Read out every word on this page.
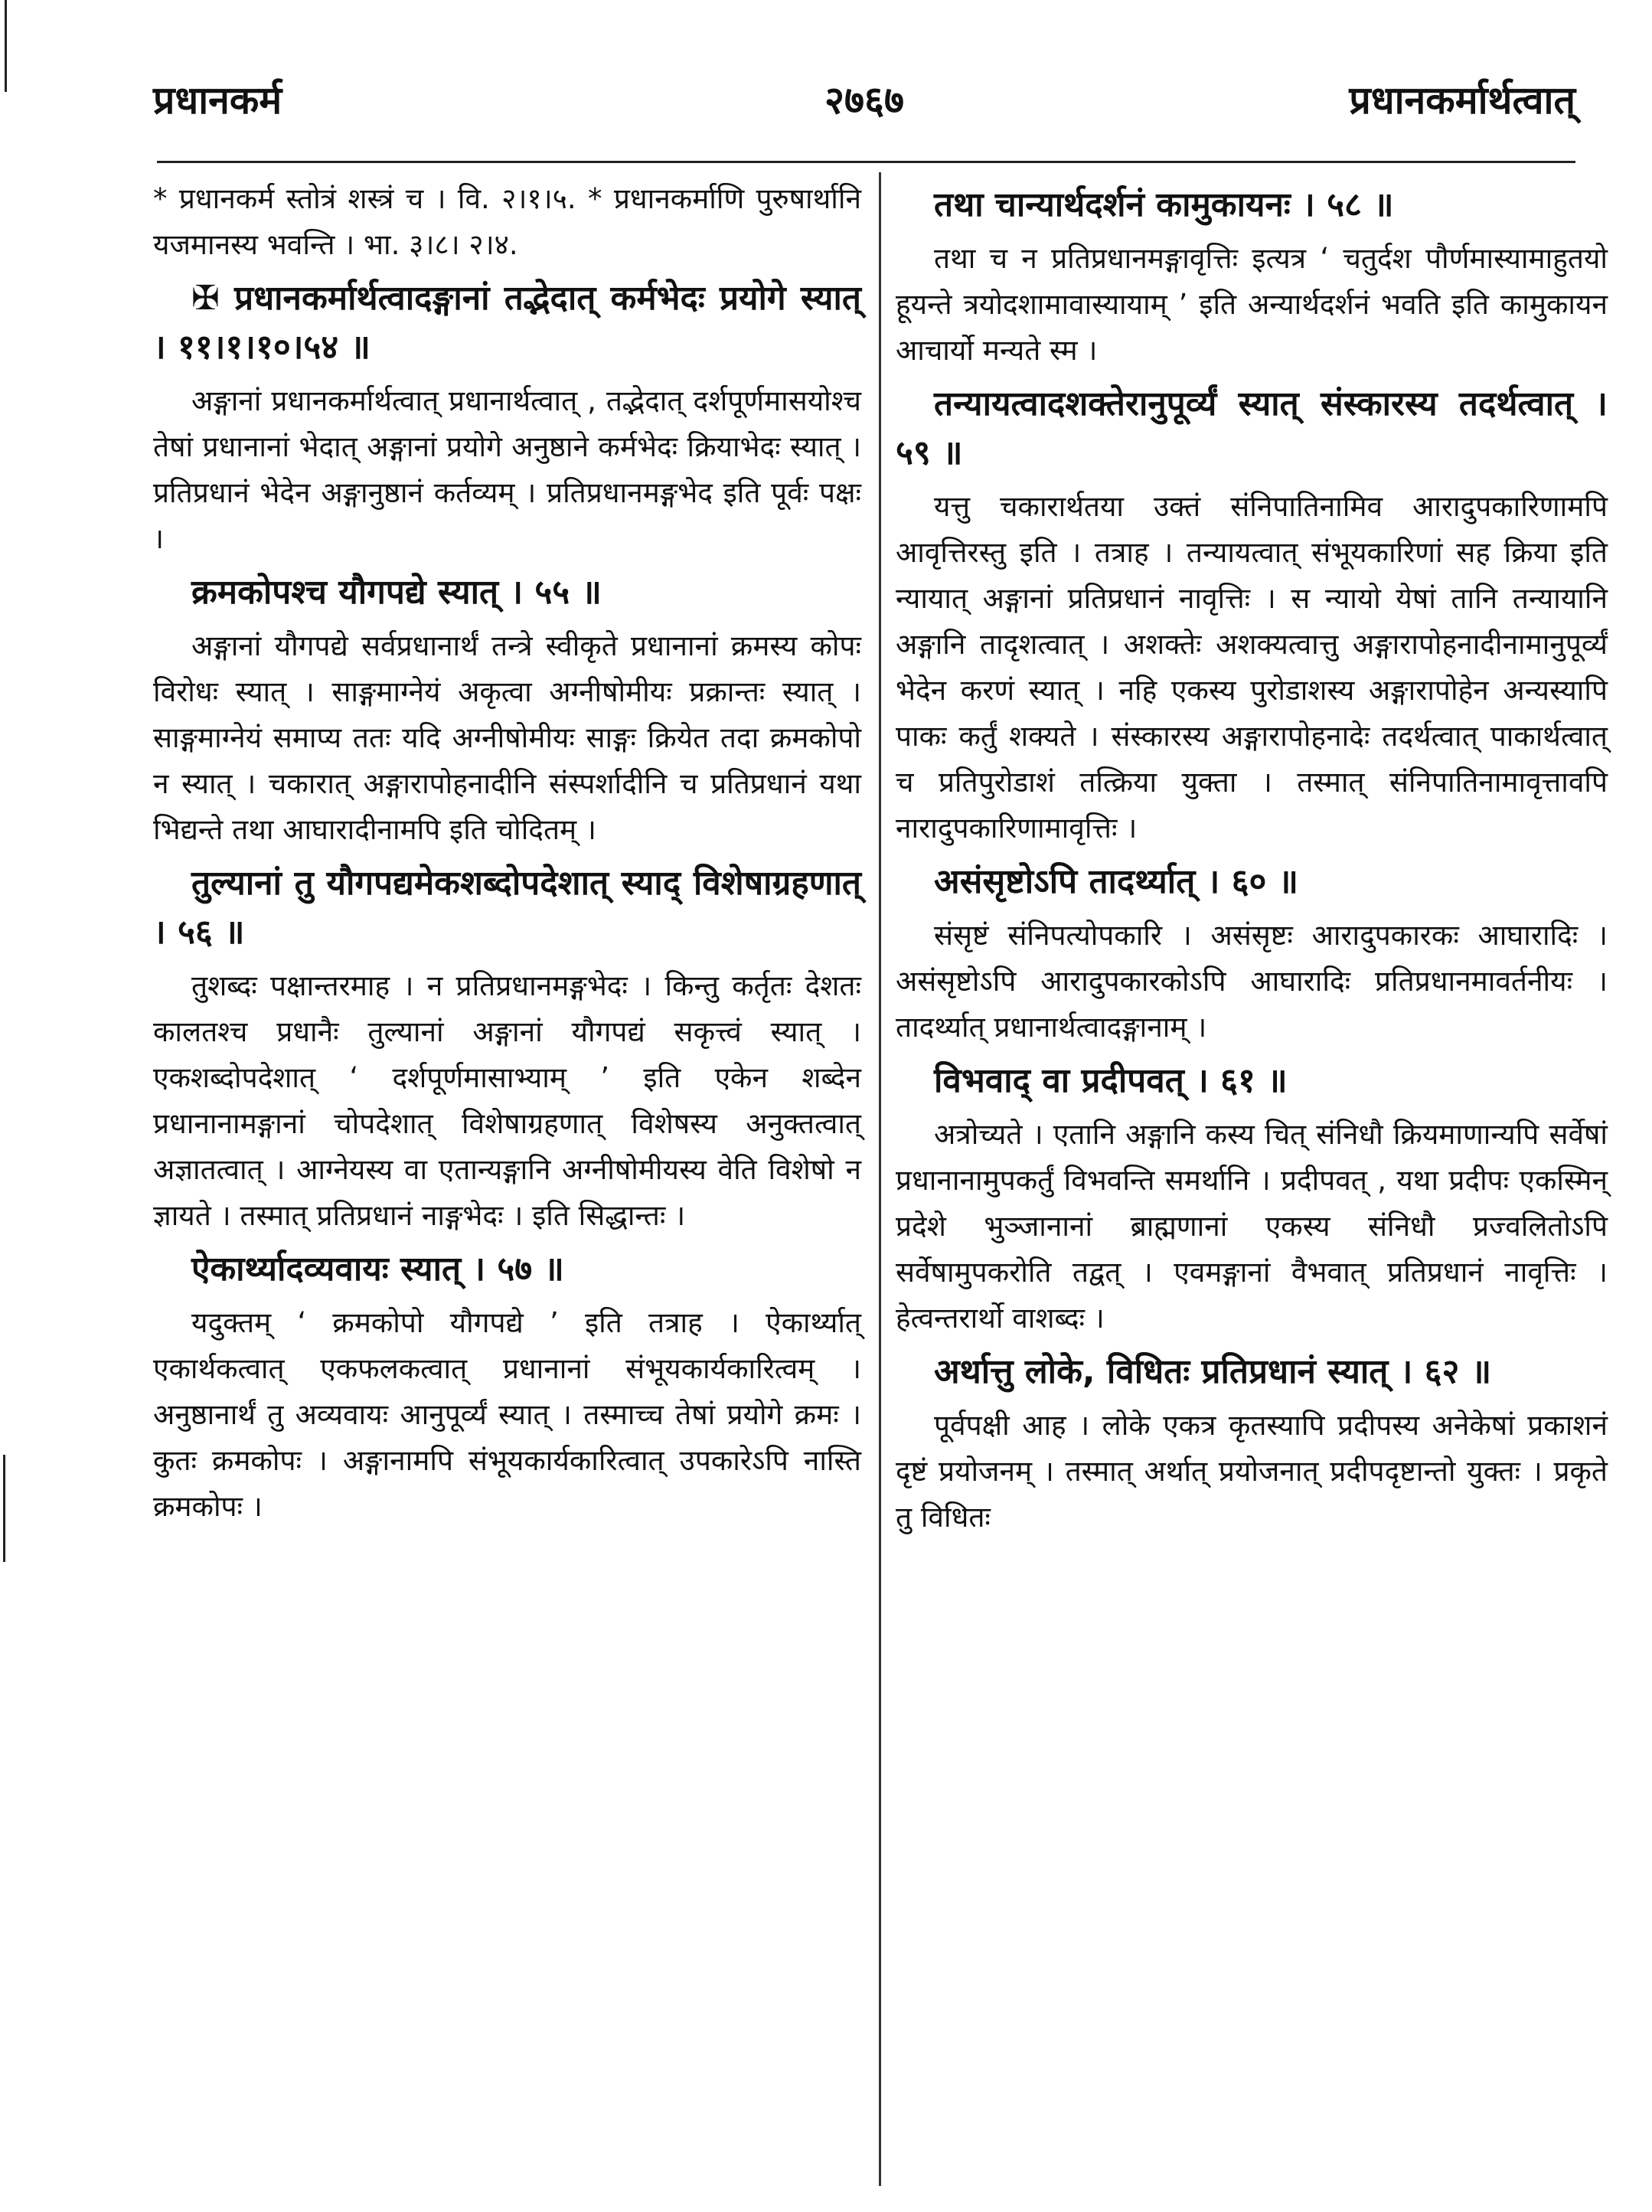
प्रधानकर्म	२७६७	प्रधानकर्मार्थत्वात्

* प्रधानकर्म स्तोत्रं शस्त्रं च । वि. २।१।५. * प्रधानकर्माणि पुरुषार्थानि यजमानस्य भवन्ति । भा. ३।८। २।४.

✠ प्रधानकर्मार्थत्वादङ्गानां तद्भेदात् कर्मभेदः प्रयोगे स्यात् । ११।१।१०।५४ ॥

अङ्गानां प्रधानकर्मार्थत्वात् प्रधानार्थत्वात् , तद्भेदात् दर्शपूर्णमासयोश्च तेषां प्रधानानां भेदात् अङ्गानां प्रयोगे अनुष्ठाने कर्मभेदः क्रियाभेदः स्यात् । प्रतिप्रधानं भेदेन अङ्गानुष्ठानं कर्तव्यम् । प्रतिप्रधानमङ्गभेद इति पूर्वः पक्षः ।

क्रमकोपश्च यौगपद्ये स्यात् । ५५ ॥

अङ्गानां यौगपद्ये सर्वप्रधानार्थं तन्त्रे स्वीकृते प्रधानानां क्रमस्य कोपः विरोधः स्यात् । साङ्गमाग्नेयं अकृत्वा अग्नीषोमीयः प्रक्रान्तः स्यात् । साङ्गमाग्नेयं समाप्य ततः यदि अग्नीषोमीयः साङ्गः क्रियेत तदा क्रमकोपो न स्यात् । चकारात् अङ्गारापोहनादीनि संस्पर्शादीनि च प्रतिप्रधानं यथा भिद्यन्ते तथा आघारादीनामपि इति चोदितम् ।

तुल्यानां तु यौगपद्यमेकशब्दोपदेशात् स्याद् विशेषाग्रहणात् । ५६ ॥

तुशब्दः पक्षान्तरमाह । न प्रतिप्रधानमङ्गभेदः । किन्तु कर्तृतः देशतः कालतश्च प्रधानैः तुल्यानां अङ्गानां यौगपद्यं सकृत्त्वं स्यात् । एकशब्दोपदेशात् ‘ दर्शपूर्णमासाभ्याम् ’ इति एकेन शब्देन प्रधानानामङ्गानां चोपदेशात् विशेषाग्रहणात् विशेषस्य अनुक्तत्वात् अज्ञातत्वात् । आग्नेयस्य वा एतान्यङ्गानि अग्नीषोमीयस्य वेति विशेषो न ज्ञायते । तस्मात् प्रतिप्रधानं नाङ्गभेदः । इति सिद्धान्तः ।

ऐकार्थ्यादव्यवायः स्यात् । ५७ ॥

यदुक्तम् ‘ क्रमकोपो यौगपद्ये ’ इति तत्राह । ऐकार्थ्यात् एकार्थकत्वात् एकफलकत्वात् प्रधानानां संभूयकार्यकारित्वम् । अनुष्ठानार्थं तु अव्यवायः आनुपूर्व्यं स्यात् । तस्माच्च तेषां प्रयोगे क्रमः । कुतः क्रमकोपः । अङ्गानामपि संभूयकार्यकारित्वात् उपकारेऽपि नास्ति क्रमकोपः ।

तथा चान्यार्थदर्शनं कामुकायनः । ५८ ॥

तथा च न प्रतिप्रधानमङ्गावृत्तिः इत्यत्र ‘ चतुर्दश पौर्णमास्यामाहुतयो हूयन्ते त्रयोदशामावास्यायाम् ’ इति अन्यार्थदर्शनं भवति इति कामुकायन आचार्यो मन्यते स्म ।

तन्यायत्वादशक्तेरानुपूर्व्यं स्यात् संस्कारस्य तदर्थत्वात् । ५९ ॥

यत्तु चकारार्थतया उक्तं संनिपातिनामिव आरादुपकारिणामपि आवृत्तिरस्तु इति । तत्राह । तन्यायत्वात् संभूयकारिणां सह क्रिया इति न्यायात् अङ्गानां प्रतिप्रधानं नावृत्तिः । स न्यायो येषां तानि तन्यायानि अङ्गानि तादृशत्वात् । अशक्तेः अशक्यत्वात्तु अङ्गारापोहनादीनामानुपूर्व्यं भेदेन करणं स्यात् । नहि एकस्य पुरोडाशस्य अङ्गारापोहेन अन्यस्यापि पाकः कर्तुं शक्यते । संस्कारस्य अङ्गारापोहनादेः तदर्थत्वात् पाकार्थत्वात् च प्रतिपुरोडाशं तत्क्रिया युक्ता । तस्मात् संनिपातिनामावृत्तावपि नारादुपकारिणामावृत्तिः ।

असंसृष्टोऽपि तादर्थ्यात् । ६० ॥

संसृष्टं संनिपत्योपकारि । असंसृष्टः आरादुपकारकः आघारादिः । असंसृष्टोऽपि आरादुपकारकोऽपि आघारादिः प्रतिप्रधानमावर्तनीयः । तादर्थ्यात् प्रधानार्थत्वादङ्गानाम् ।

विभवाद् वा प्रदीपवत् । ६१ ॥

अत्रोच्यते । एतानि अङ्गानि कस्य चित् संनिधौ क्रियमाणान्यपि सर्वेषां प्रधानानामुपकर्तुं विभवन्ति समर्थानि । प्रदीपवत् , यथा प्रदीपः एकस्मिन् प्रदेशे भुञ्जानानां ब्राह्मणानां एकस्य संनिधौ प्रज्वलितोऽपि सर्वेषामुपकरोति तद्वत् । एवमङ्गानां वैभवात् प्रतिप्रधानं नावृत्तिः । हेत्वन्तरार्थो वाशब्दः ।

अर्थात्तु लोके, विधितः प्रतिप्रधानं स्यात् । ६२ ॥

पूर्वपक्षी आह । लोके एकत्र कृतस्यापि प्रदीपस्य अनेकेषां प्रकाशनं दृष्टं प्रयोजनम् । तस्मात् अर्थात् प्रयोजनात् प्रदीपदृष्टान्तो युक्तः । प्रकृते तु विधितः
